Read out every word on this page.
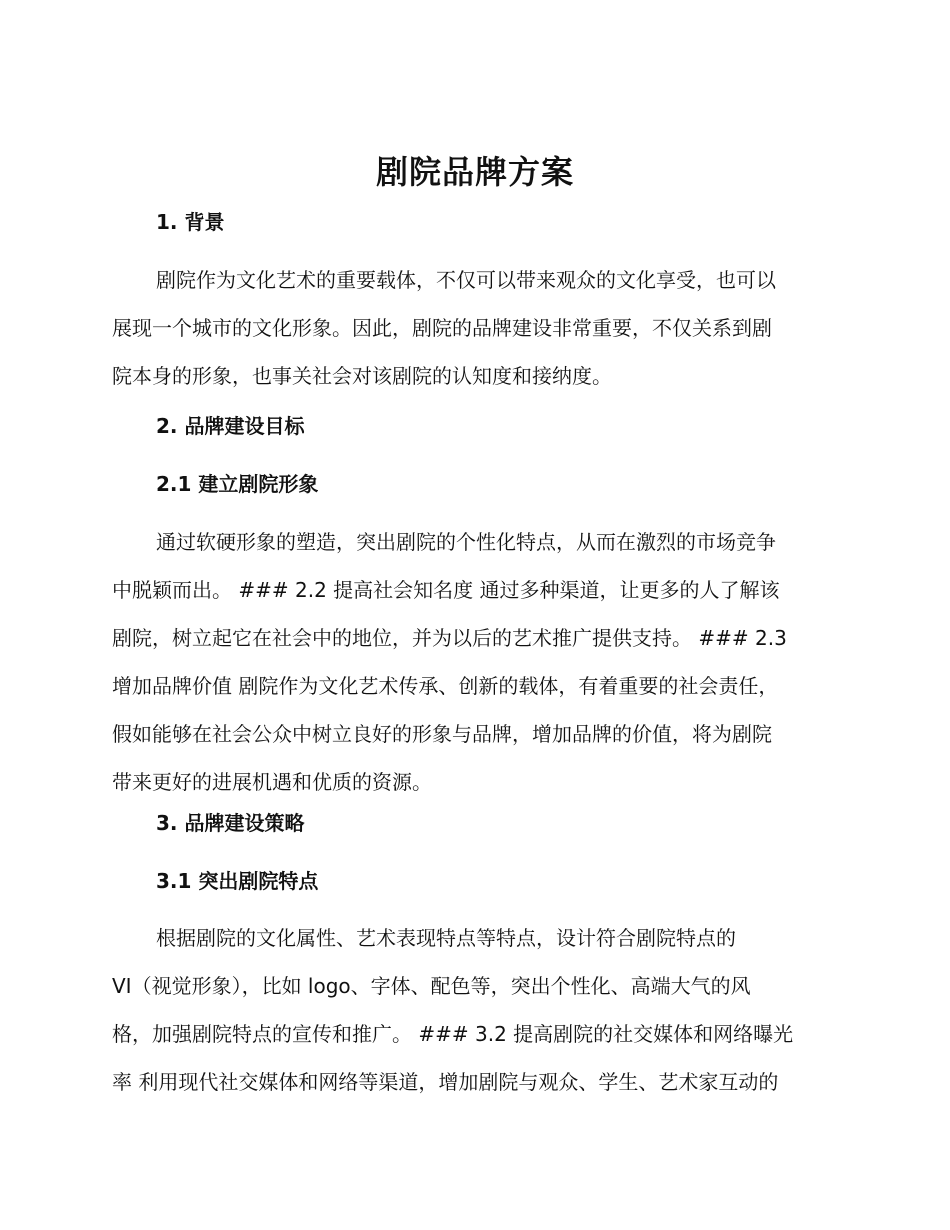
剧院品牌方案
1. 背景
剧院作为文化艺术的重要载体，不仅可以带来观众的文化享受，也可以
展现一个城市的文化形象。因此，剧院的品牌建设非常重要，不仅关系到剧
院本身的形象，也事关社会对该剧院的认知度和接纳度。
2. 品牌建设目标
2.1 建立剧院形象
通过软硬形象的塑造，突出剧院的个性化特点，从而在激烈的市场竞争
中脱颖而出。 ### 2.2 提高社会知名度 通过多种渠道，让更多的人了解该
剧院，树立起它在社会中的地位，并为以后的艺术推广提供支持。 ### 2.3
增加品牌价值 剧院作为文化艺术传承、创新的载体，有着重要的社会责任，
假如能够在社会公众中树立良好的形象与品牌，增加品牌的价值，将为剧院
带来更好的进展机遇和优质的资源。
3. 品牌建设策略
3.1 突出剧院特点
根据剧院的文化属性、艺术表现特点等特点，设计符合剧院特点的
VI（视觉形象），比如 logo、字体、配色等，突出个性化、高端大气的风
格，加强剧院特点的宣传和推广。 ### 3.2 提高剧院的社交媒体和网络曝光
率 利用现代社交媒体和网络等渠道，增加剧院与观众、学生、艺术家互动的
